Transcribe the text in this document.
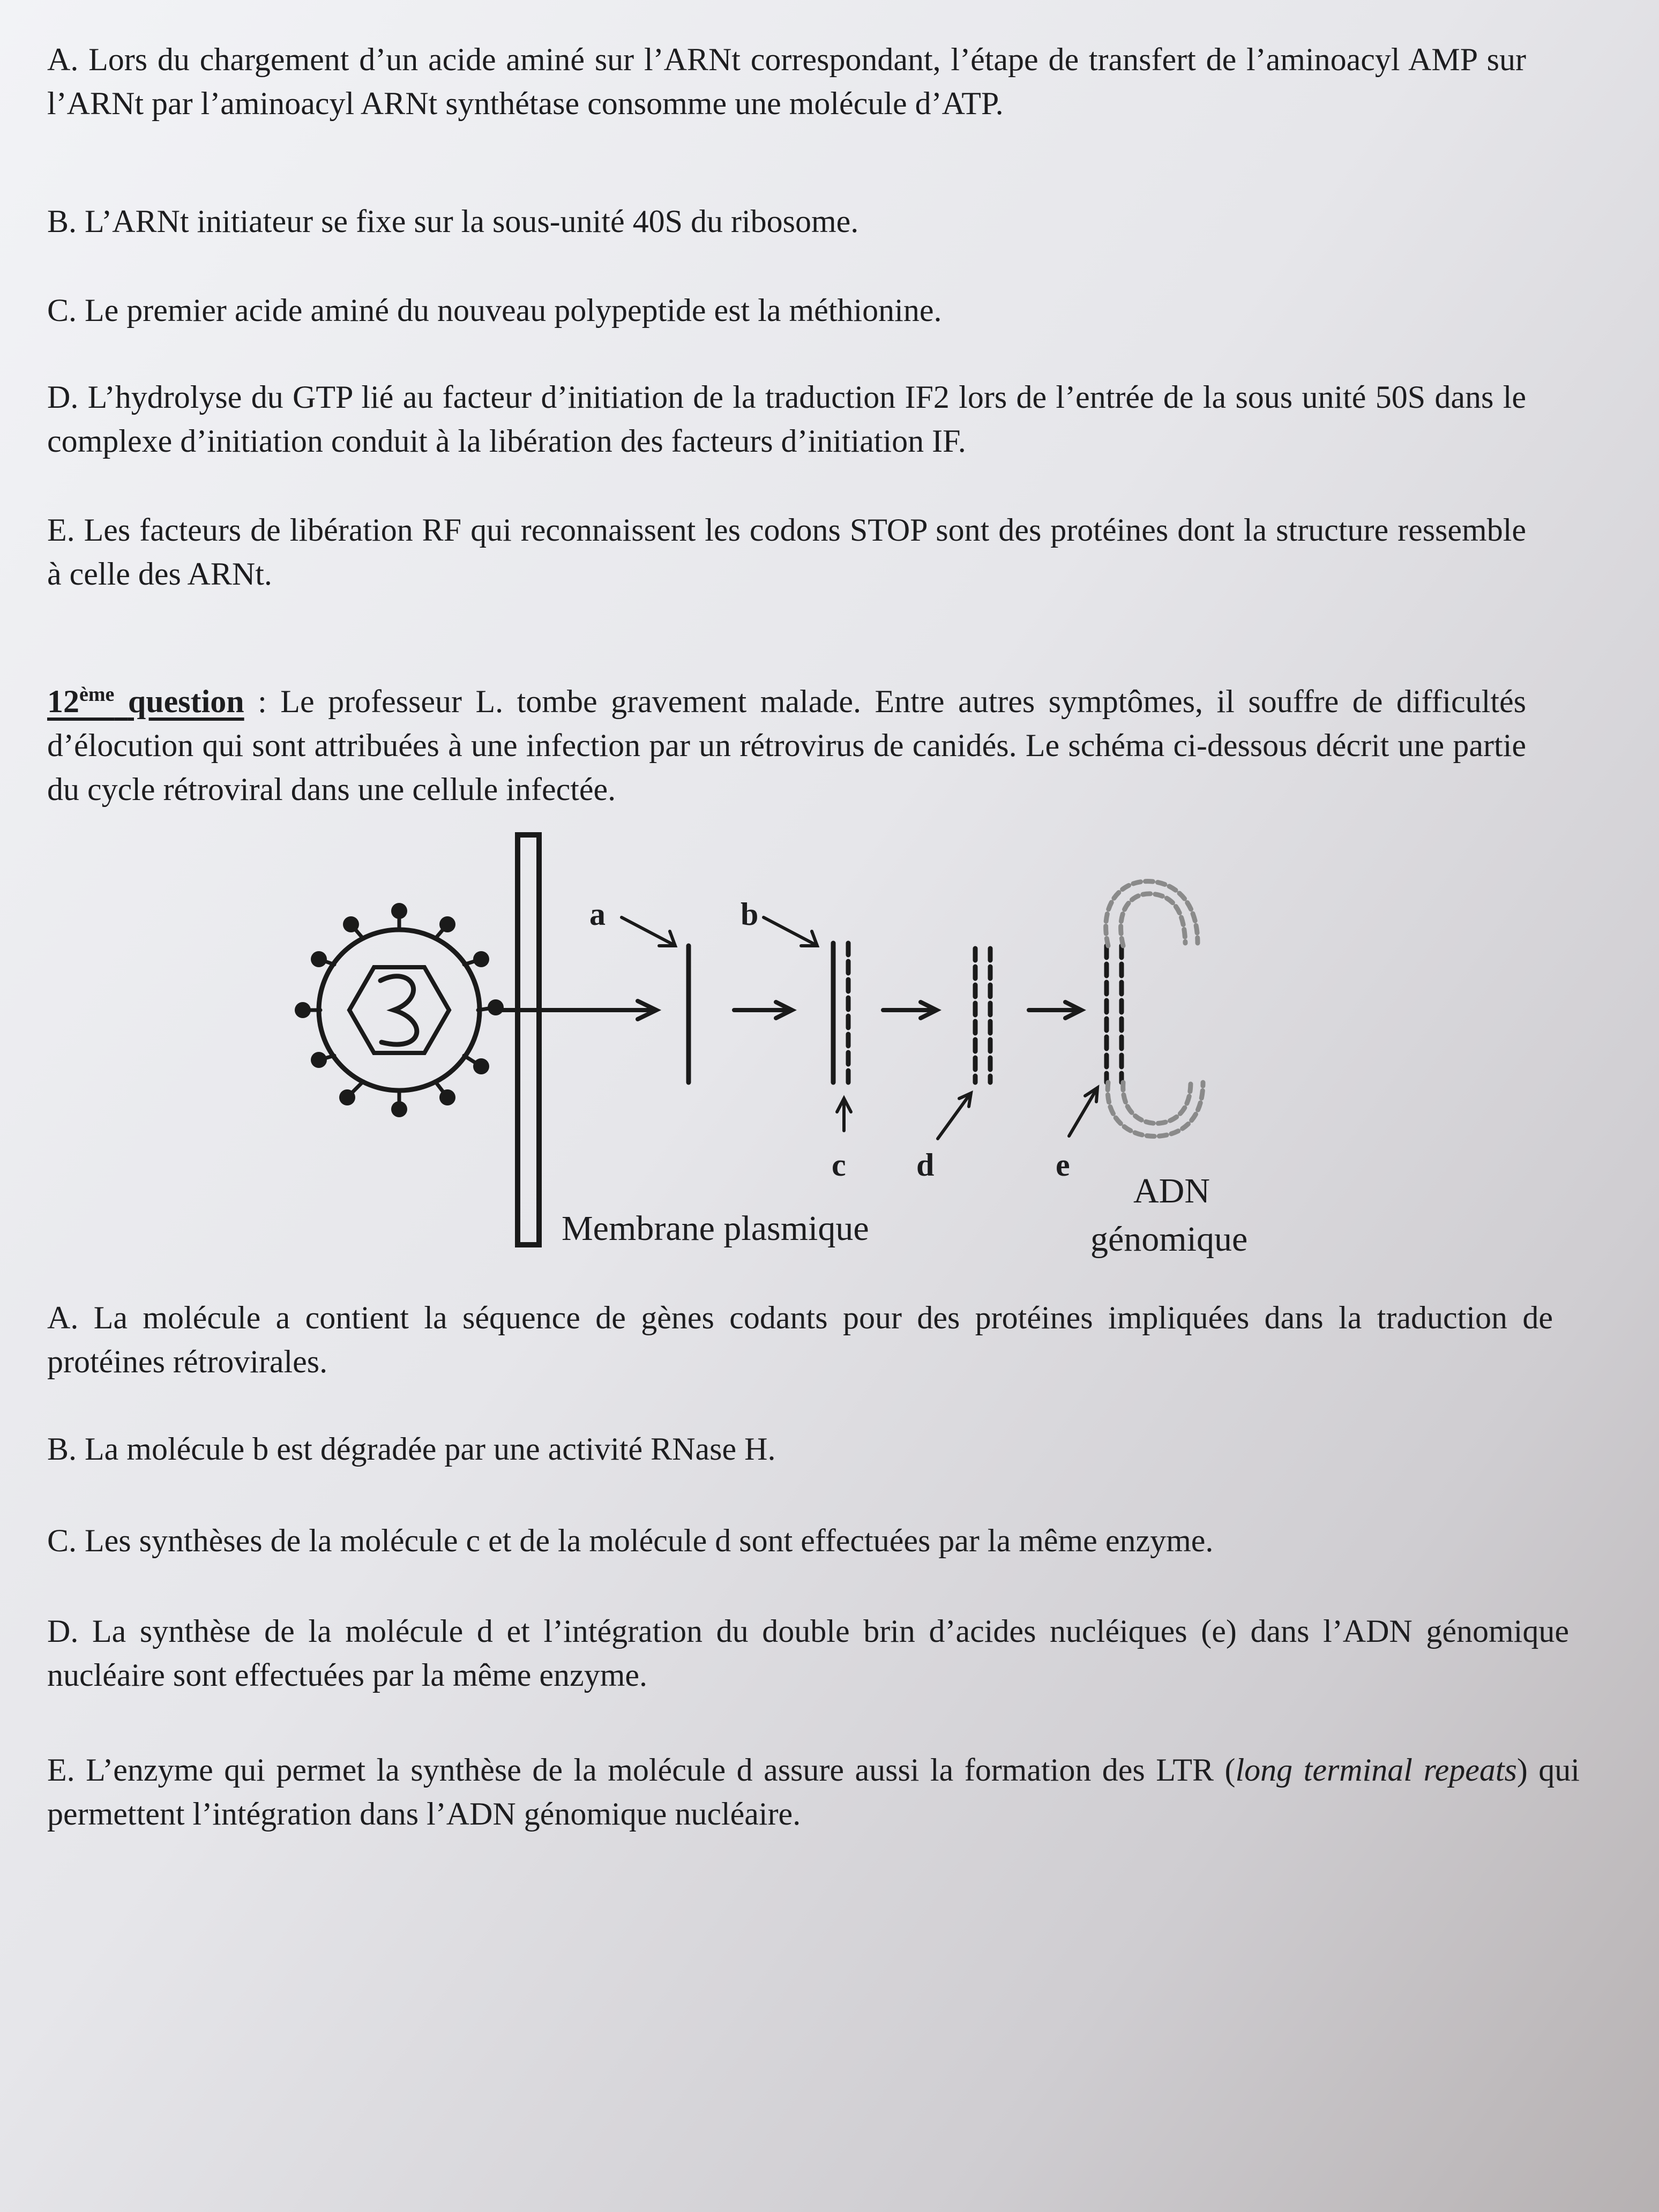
A. Lors du chargement d’un acide aminé sur l’ARNt correspondant, l’étape de transfert de l’aminoacyl AMP sur l’ARNt par l’aminoacyl ARNt synthétase consomme une molécule d’ATP.

B. L’ARNt initiateur se fixe sur la sous-unité 40S du ribosome.

C. Le premier acide aminé du nouveau polypeptide est la méthionine.

D. L’hydrolyse du GTP lié au facteur d’initiation de la traduction IF2 lors de l’entrée de la sous unité 50S dans le complexe d’initiation conduit à la libération des facteurs d’initiation IF.

E. Les facteurs de libération RF qui reconnaissent les codons STOP sont des protéines dont la structure ressemble à celle des ARNt.

12ème question : Le professeur L. tombe gravement malade. Entre autres symptômes, il souffre de difficultés d’élocution qui sont attribuées à une infection par un rétrovirus de canidés. Le schéma ci-dessous décrit une partie du cycle rétroviral dans une cellule infectée.

a	b
c d	e
Membrane plasmique
ADN
génomique

A. La molécule a contient la séquence de gènes codants pour des protéines impliquées dans la traduction de protéines rétrovirales.

B. La molécule b est dégradée par une activité RNase H.

C. Les synthèses de la molécule c et de la molécule d sont effectuées par la même enzyme.

D. La synthèse de la molécule d et l’intégration du double brin d’acides nucléiques (e) dans l’ADN génomique nucléaire sont effectuées par la même enzyme.

E. L’enzyme qui permet la synthèse de la molécule d assure aussi la formation des LTR (long terminal repeats) qui permettent l’intégration dans l’ADN génomique nucléaire.
